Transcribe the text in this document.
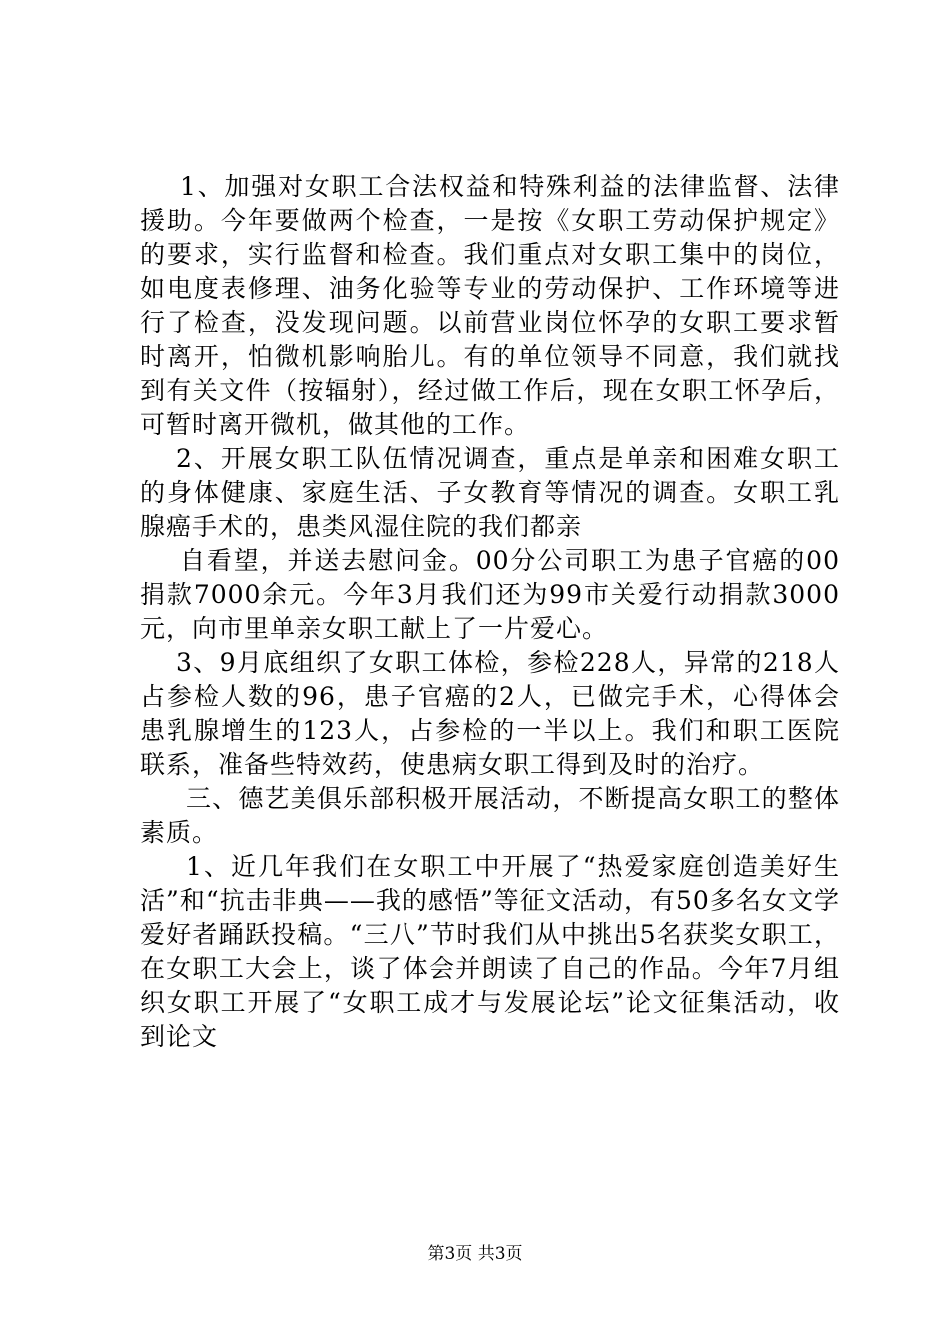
1、加强对女职工合法权益和特殊利益的法律监督、法律援助。今年要做两个检查，一是按《女职工劳动保护规定》的要求，实行监督和检查。我们重点对女职工集中的岗位，如电度表修理、油务化验等专业的劳动保护、工作环境等进行了检查，没发现问题。以前营业岗位怀孕的女职工要求暂时离开，怕微机影响胎儿。有的单位领导不同意，我们就找到有关文件（按辐射），经过做工作后，现在女职工怀孕后，可暂时离开微机，做其他的工作。

2、开展女职工队伍情况调查，重点是单亲和困难女职工的身体健康、家庭生活、子女教育等情况的调查。女职工乳腺癌手术的，患类风湿住院的我们都亲

自看望，并送去慰问金。00分公司职工为患子官癌的00捐款7000余元。今年3月我们还为99市关爱行动捐款3000元，向市里单亲女职工献上了一片爱心。

3、9月底组织了女职工体检，参检228人，异常的218人占参检人数的96，患子官癌的2人，已做完手术，心得体会患乳腺增生的123人，占参检的一半以上。我们和职工医院联系，准备些特效药，使患病女职工得到及时的治疗。

三、德艺美俱乐部积极开展活动，不断提高女职工的整体素质。

1、近几年我们在女职工中开展了“热爱家庭创造美好生活”和“抗击非典——我的感悟”等征文活动，有50多名女文学爱好者踊跃投稿。“三八”节时我们从中挑出5名获奖女职工，在女职工大会上，谈了体会并朗读了自己的作品。今年7月组织女职工开展了“女职工成才与发展论坛”论文征集活动，收到论文

第3页 共3页
